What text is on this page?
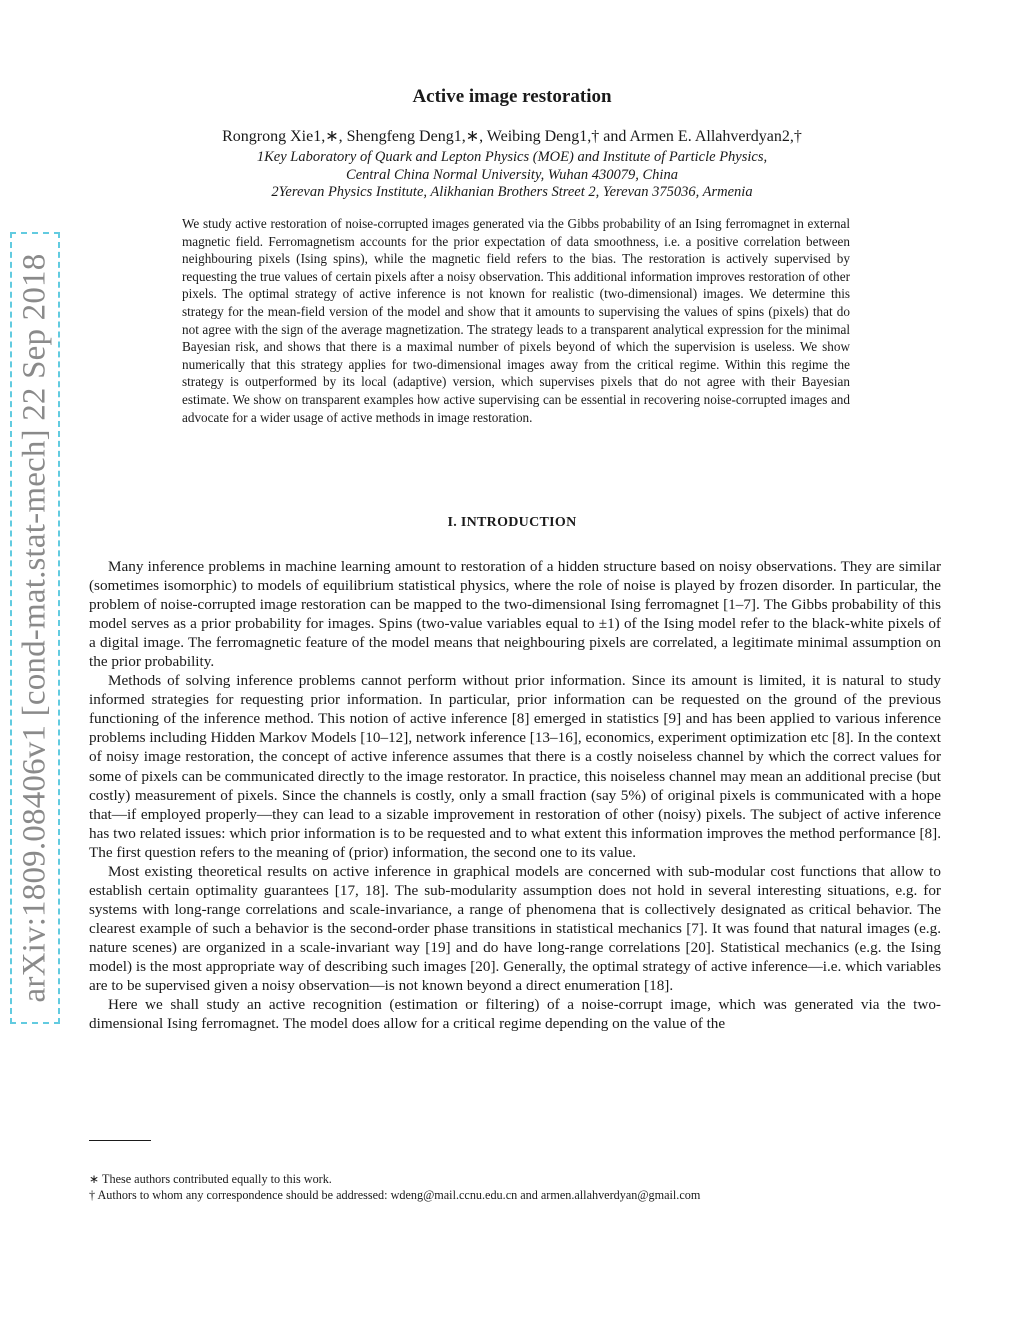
arXiv:1809.08406v1 [cond-mat.stat-mech] 22 Sep 2018
Active image restoration
Rongrong Xie1,∗, Shengfeng Deng1,∗, Weibing Deng1,† and Armen E. Allahverdyan2,†
1Key Laboratory of Quark and Lepton Physics (MOE) and Institute of Particle Physics,
Central China Normal University, Wuhan 430079, China
2Yerevan Physics Institute, Alikhanian Brothers Street 2, Yerevan 375036, Armenia

We study active restoration of noise-corrupted images generated via the Gibbs probability of an Ising ferromagnet in external magnetic field. Ferromagnetism accounts for the prior expectation of data smoothness, i.e. a positive correlation between neighbouring pixels (Ising spins), while the magnetic field refers to the bias. The restoration is actively supervised by requesting the true values of certain pixels after a noisy observation. This additional information improves restoration of other pixels. The optimal strategy of active inference is not known for realistic (two-dimensional) images. We determine this strategy for the mean-field version of the model and show that it amounts to supervising the values of spins (pixels) that do not agree with the sign of the average magnetization. The strategy leads to a transparent analytical expression for the minimal Bayesian risk, and shows that there is a maximal number of pixels beyond of which the supervision is useless. We show numerically that this strategy applies for two-dimensional images away from the critical regime. Within this regime the strategy is outperformed by its local (adaptive) version, which supervises pixels that do not agree with their Bayesian estimate. We show on transparent examples how active supervising can be essential in recovering noise-corrupted images and advocate for a wider usage of active methods in image restoration.

I. INTRODUCTION

Many inference problems in machine learning amount to restoration of a hidden structure based on noisy observations. They are similar (sometimes isomorphic) to models of equilibrium statistical physics, where the role of noise is played by frozen disorder. In particular, the problem of noise-corrupted image restoration can be mapped to the two-dimensional Ising ferromagnet [1–7]. The Gibbs probability of this model serves as a prior probability for images. Spins (two-value variables equal to ±1) of the Ising model refer to the black-white pixels of a digital image. The ferromagnetic feature of the model means that neighbouring pixels are correlated, a legitimate minimal assumption on the prior probability.

Methods of solving inference problems cannot perform without prior information. Since its amount is limited, it is natural to study informed strategies for requesting prior information. In particular, prior information can be requested on the ground of the previous functioning of the inference method. This notion of active inference [8] emerged in statistics [9] and has been applied to various inference problems including Hidden Markov Models [10–12], network inference [13–16], economics, experiment optimization etc [8]. In the context of noisy image restoration, the concept of active inference assumes that there is a costly noiseless channel by which the correct values for some of pixels can be communicated directly to the image restorator. In practice, this noiseless channel may mean an additional precise (but costly) measurement of pixels. Since the channels is costly, only a small fraction (say 5%) of original pixels is communicated with a hope that—if employed properly—they can lead to a sizable improvement in restoration of other (noisy) pixels. The subject of active inference has two related issues: which prior information is to be requested and to what extent this information improves the method performance [8]. The first question refers to the meaning of (prior) information, the second one to its value.

Most existing theoretical results on active inference in graphical models are concerned with sub-modular cost functions that allow to establish certain optimality guarantees [17, 18]. The sub-modularity assumption does not hold in several interesting situations, e.g. for systems with long-range correlations and scale-invariance, a range of phenomena that is collectively designated as critical behavior. The clearest example of such a behavior is the second-order phase transitions in statistical mechanics [7]. It was found that natural images (e.g. nature scenes) are organized in a scale-invariant way [19] and do have long-range correlations [20]. Statistical mechanics (e.g. the Ising model) is the most appropriate way of describing such images [20]. Generally, the optimal strategy of active inference—i.e. which variables are to be supervised given a noisy observation—is not known beyond a direct enumeration [18].

Here we shall study an active recognition (estimation or filtering) of a noise-corrupt image, which was generated via the two-dimensional Ising ferromagnet. The model does allow for a critical regime depending on the value of the

∗ These authors contributed equally to this work.
† Authors to whom any correspondence should be addressed: wdeng@mail.ccnu.edu.cn and armen.allahverdyan@gmail.com
